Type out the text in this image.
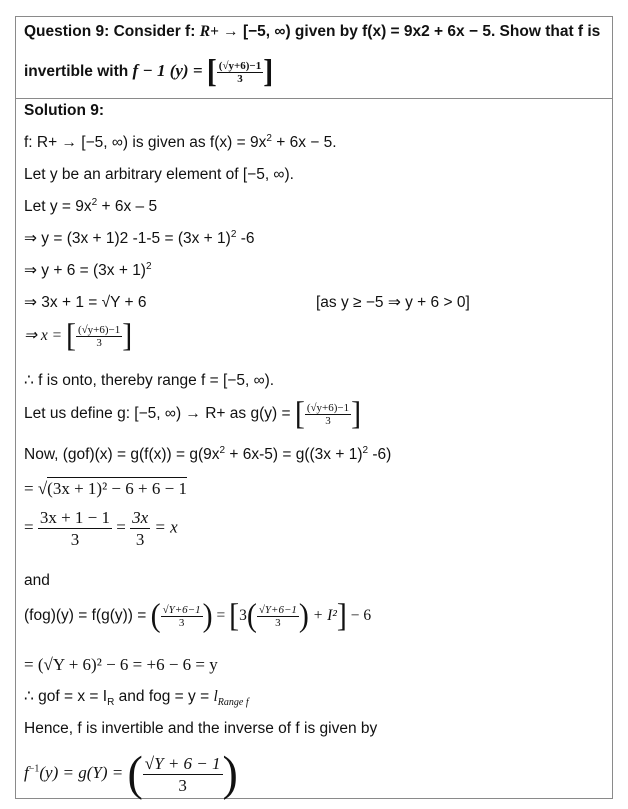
Question 9: Consider f: R+ → [−5, ∞) given by f(x) = 9x2 + 6x − 5. Show that f is
invertible with f − 1 (y) = [ $\frac{(√y+6)-1}{3}$ ]
Solution 9:
f: R+ → [−5, ∞) is given as $f(x) = 9x^2 + 6x - 5$.
Let y be an arbitrary element of [−5, ∞).
Let $y = 9x^2 + 6x - 5$
⇒ y = (3x + 1)2 $-1-5 = (3x + 1)^2$ -6
⇒ $y + 6 = (3x + 1)^2$
⇒ 3x + 1 = √Y + 6	[as y ≥ −5 ⇒ y + 6 > 0]
⇒ x = [ $\frac{(√y+6)-1}{3}$ ]
∴ f is onto, thereby range f = [−5, ∞).
Let us define g: [−5, ∞) → R+ as g(y) = [ $\frac{(√y+6)-1}{3}$ ]
Now, $(gof)(x) = g(f(x)) = g(9x^2 + 6x-5) = g((3x + 1)^2$ -6)
= √(3x + 1)² − 6 + 6 − 1
= $\frac{3x + 1 - 1}{3} = \frac{3x}{3} = x$
and
(fog)(y) = f(g(y)) = ( $\frac{√Y+6-1}{3}$ ) = [$3( \frac{√Y+6-1}{3}$ ) + I²] − 6
= (√Y + 6)² − 6 = +6 − 6 = y
∴ gof = $x = I_R$ and fog = $y = l_{Range f}$
Hence, f is invertible and the inverse of f is given by
$f^{-1}(y) = g(Y)$ = ( $\frac{√Y + 6 - 1}{3}$ )
